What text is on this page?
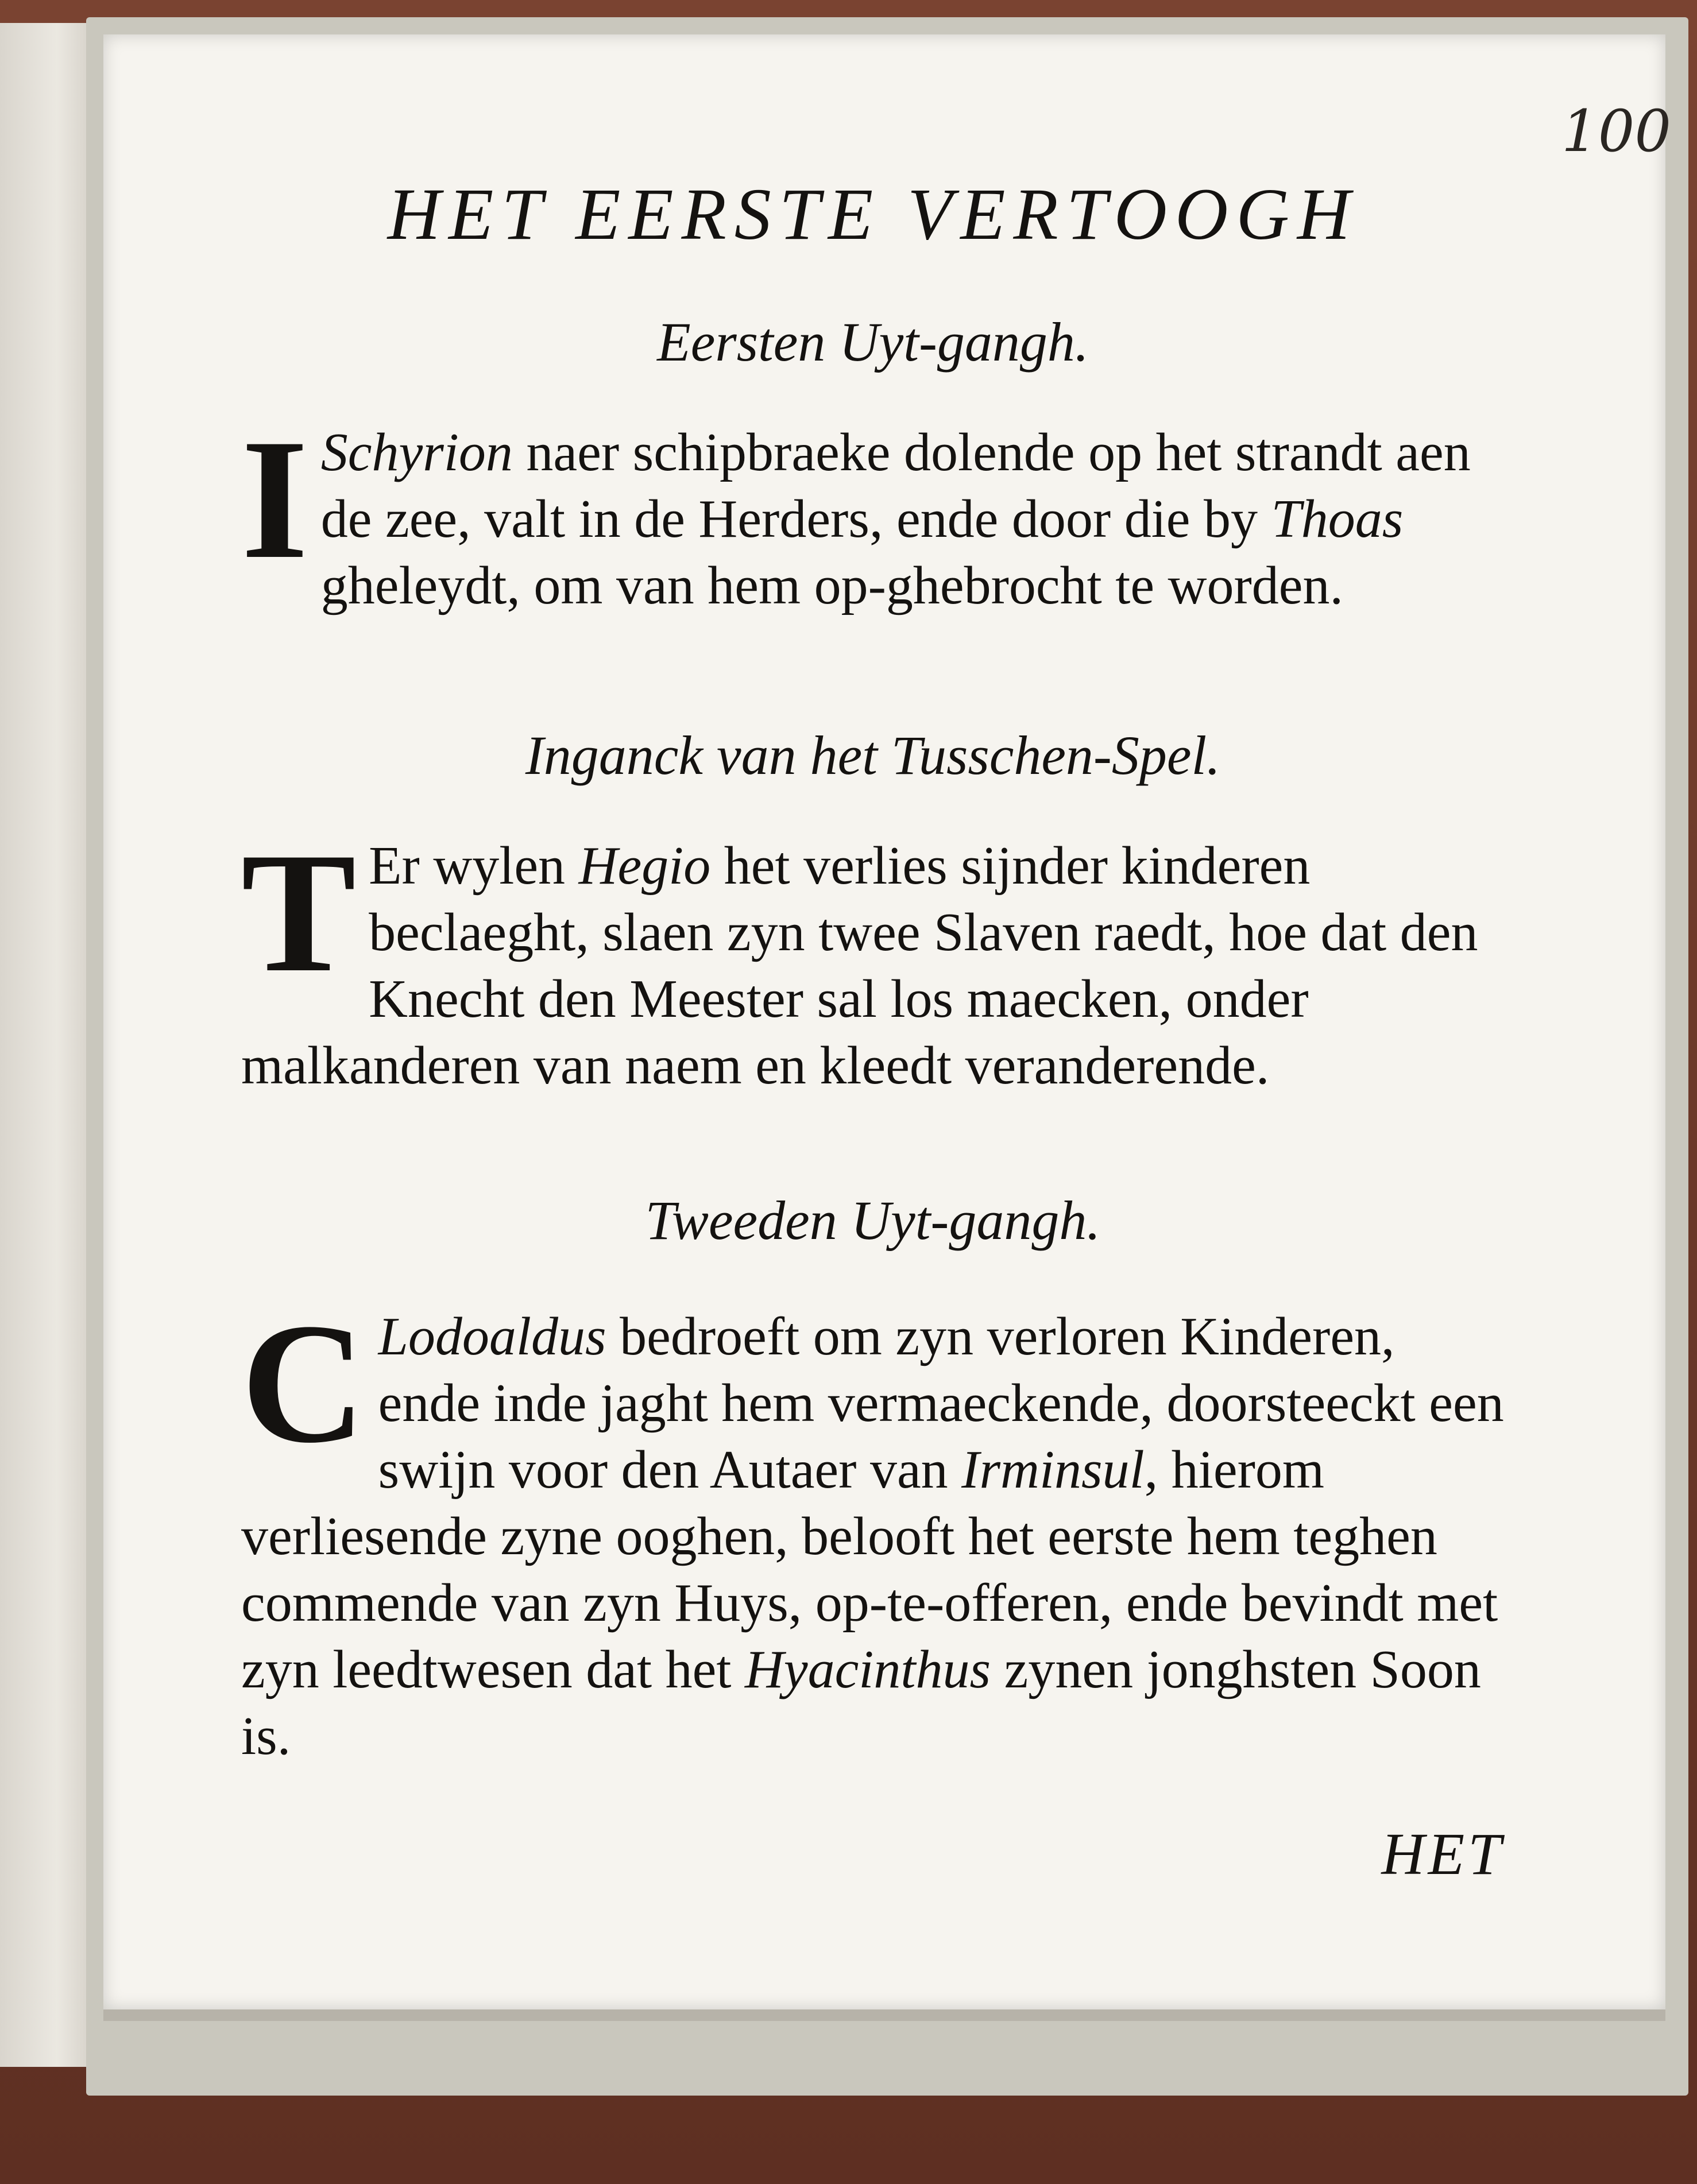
100
HET EERSTE VERTOOGH
Eersten Uyt-gangh.
I Schyrion naer schipbraeke dolende op het strandt aen de zee, valt in de Herders, ende door die by Thoas gheleydt, om van hem op-ghebrocht te worden.
Inganck van het Tusschen-Spel.
T Er wylen Hegio het verlies sijnder kinderen beclaeght, slaen zyn twee Slaven raedt, hoe dat den Knecht den Meester sal los maecken, onder malkanderen van naem en kleedt veranderende.
Tweeden Uyt-gangh.
C Lodoaldus bedroeft om zyn verloren Kinderen, ende inde jaght hem vermaeckende, doorsteeckt een swijn voor den Autaer van Irminsul, hierom verliesende zyne ooghen, belooft het eerste hem teghen commende van zyn Huys, op-te-offeren, ende bevindt met zyn leedtwesen dat het Hyacinthus zynen jonghsten Soon is.
HET
